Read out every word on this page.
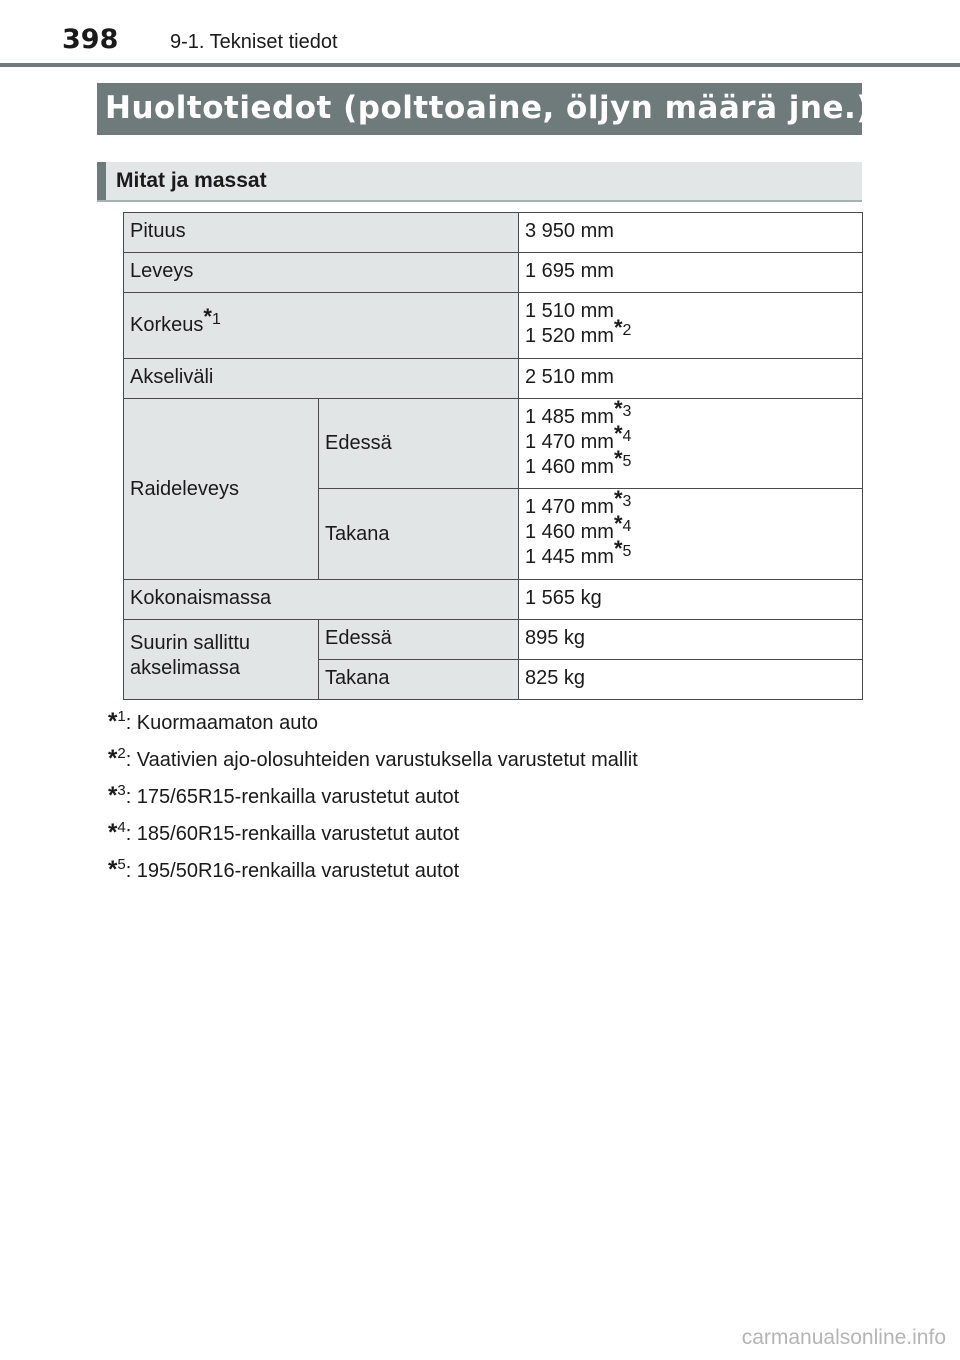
398	9-1. Tekniset tiedot
Huoltotiedot (polttoaine, öljyn määrä jne.)
Mitat ja massat
Pituus		3 950 mm
Leveys		1 695 mm
Korkeus$^{*1}$		1 510 mm
1 520 $mm^{*2}$

Akseliväli		2 510 mm
Raideleveys	Edessä	1 485 $mm^{*3}$
1 470 $mm^{*4}$
1 460 $mm^{*5}$

	Takana	1 470 $mm^{*3}$
1 460 $mm^{*4}$
1 445 $mm^{*5}$

Kokonaismassa		1 565 kg

Suurin sallittu
akselimassa	Edessä	895 kg
	Takana	825 kg
*$^1$: Kuormaamaton auto
*$^2$: Vaativien ajo-olosuhteiden varustuksella varustetut mallit
*$^3$: 175/65R15-renkailla varustetut autot
*$^4$: 185/60R15-renkailla varustetut autot
*$^5$: 195/50R16-renkailla varustetut autot
carmanualsonline.info
